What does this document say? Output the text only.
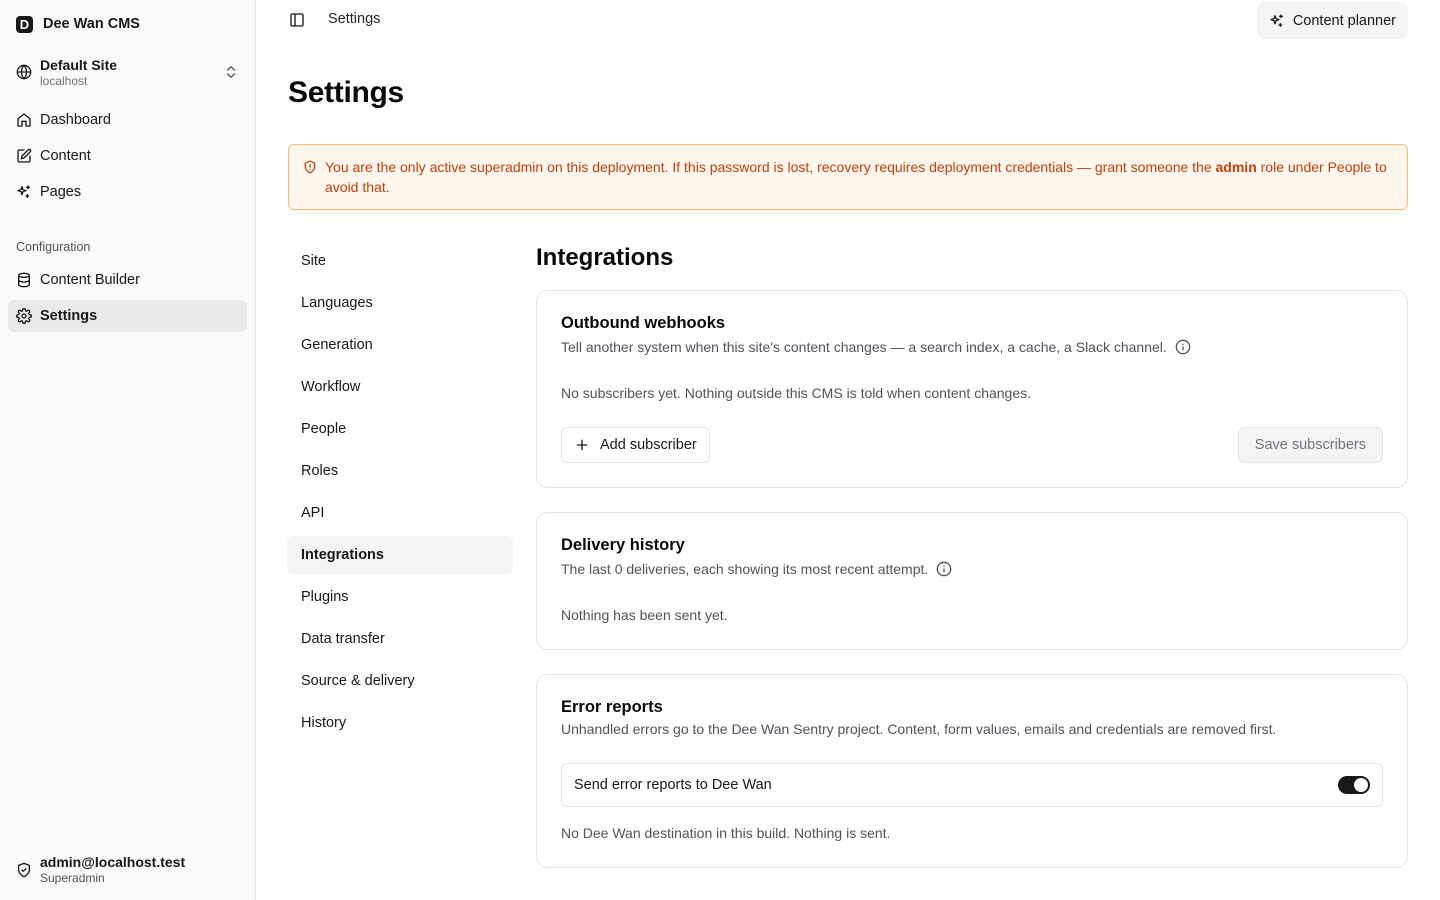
D Dee Wan CMS
Default Site
localhost
Dashboard
Content
Pages
Configuration
Content Builder
Settings
admin@localhost.test
Superadmin
Settings	Content planner
Settings
You are the only active superadmin on this deployment. If this password is lost, recovery requires deployment credentials — grant someone the admin role under People to avoid that.
Site
Languages
Generation
Workflow
People
Roles
API
Integrations
Plugins
Data transfer
Source & delivery
History
Integrations
Outbound webhooks
Tell another system when this site's content changes — a search index, a cache, a Slack channel.
No subscribers yet. Nothing outside this CMS is told when content changes.
Add subscriber	Save subscribers
Delivery history
The last 0 deliveries, each showing its most recent attempt.
Nothing has been sent yet.
Error reports
Unhandled errors go to the Dee Wan Sentry project. Content, form values, emails and credentials are removed first.
Send error reports to Dee Wan
No Dee Wan destination in this build. Nothing is sent.
